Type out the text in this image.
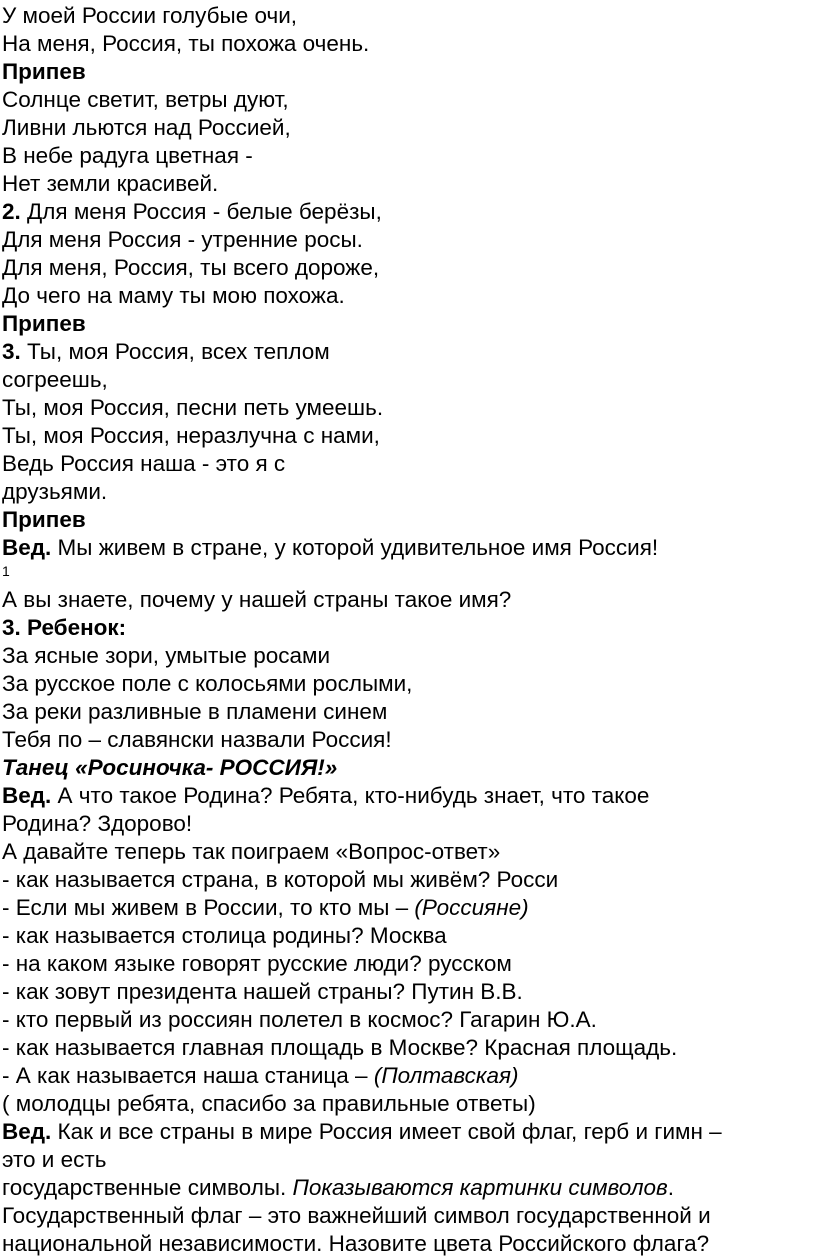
У моей России голубые очи,
На меня, Россия, ты похожа очень.
Припев
Солнце светит, ветры дуют,
Ливни льются над Россией,
В небе радуга цветная -
Нет земли красивей.
2. Для меня Россия - белые берёзы,
Для меня Россия - утренние росы.
Для меня, Россия, ты всего дороже,
До чего на маму ты мою похожа.
Припев
3. Ты, моя Россия, всех теплом
согреешь,
Ты, моя Россия, песни петь умеешь.
Ты, моя Россия, неразлучна с нами,
Ведь Россия наша - это я с
друзьями.
Припев
Вед. Мы живем в стране, у которой удивительное имя Россия!
1
А вы знаете, почему у нашей страны такое имя?
3. Ребенок:
За ясные зори, умытые росами
За русское поле с колосьями рослыми,
За реки разливные в пламени синем
Тебя по – славянски назвали Россия!
Танец «Росиночка- РОССИЯ!»
Вед. А что такое Родина? Ребята, кто-нибудь знает, что такое
Родина? Здорово!
А давайте теперь так поиграем «Вопрос-ответ»
- как называется страна, в которой мы живём? Росси
- Если мы живем в России, то кто мы – (Россияне)
- как называется столица родины? Москва
- на каком языке говорят русские люди? русском
- как зовут президента нашей страны? Путин В.В.
- кто первый из россиян полетел в космос? Гагарин Ю.А.
- как называется главная площадь в Москве? Красная площадь.
- А как называется наша станица – (Полтавская)
( молодцы ребята, спасибо за правильные ответы)
Вед. Как и все страны в мире Россия имеет свой флаг, герб и гимн –
это и есть
государственные символы. Показываются картинки символов.
Государственный флаг – это важнейший символ государственной и
национальной независимости. Назовите цвета Российского флага?
